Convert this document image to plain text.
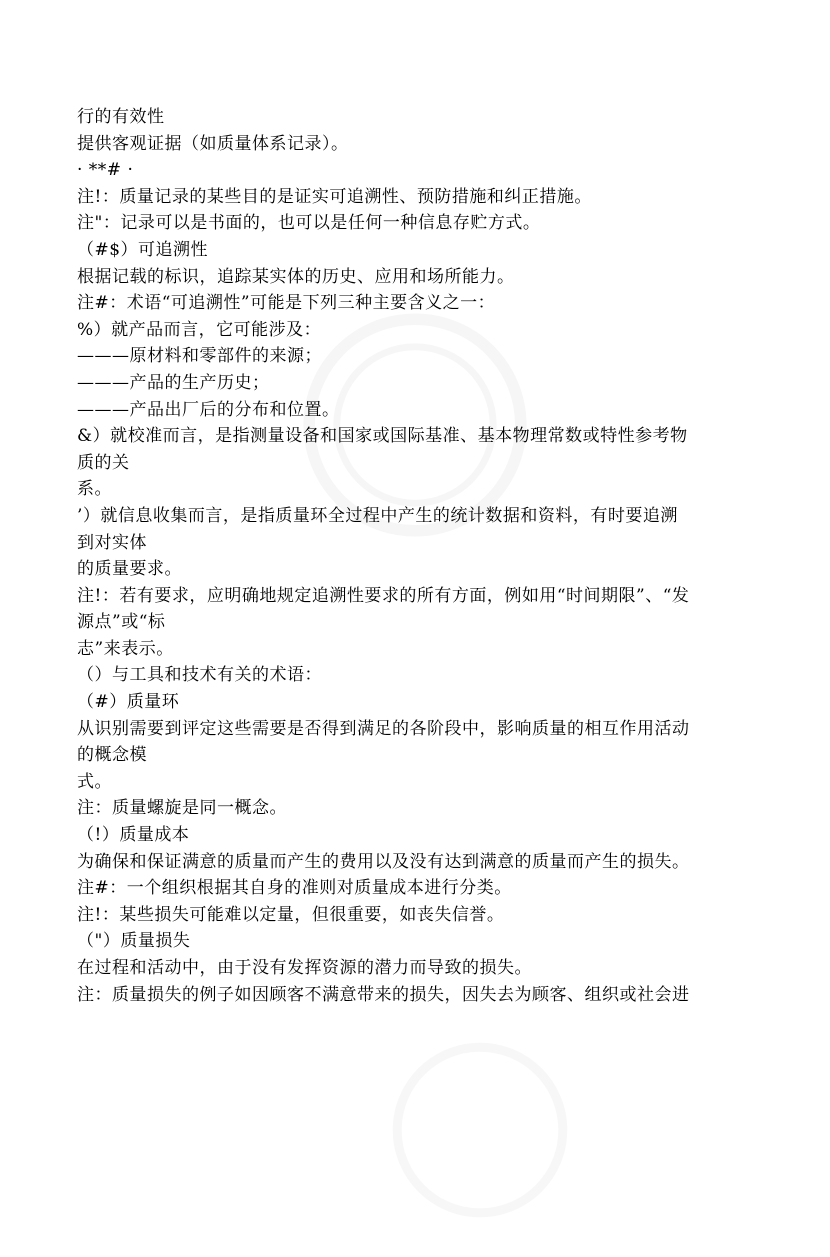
行的有效性
提供客观证据（如质量体系记录）。
· **# ·
注!：质量记录的某些目的是证实可追溯性、预防措施和纠正措施。
注"：记录可以是书面的，也可以是任何一种信息存贮方式。
（#$）可追溯性
根据记载的标识，追踪某实体的历史、应用和场所能力。
注#：术语“可追溯性”可能是下列三种主要含义之一：
%）就产品而言，它可能涉及：
———原材料和零部件的来源；
———产品的生产历史；
———产品出厂后的分布和位置。
&）就校准而言，是指测量设备和国家或国际基准、基本物理常数或特性参考物
质的关
系。
’）就信息收集而言，是指质量环全过程中产生的统计数据和资料，有时要追溯
到对实体
的质量要求。
注!：若有要求，应明确地规定追溯性要求的所有方面，例如用“时间期限”、“发
源点”或“标
志”来表示。
（）与工具和技术有关的术语：
（#）质量环
从识别需要到评定这些需要是否得到满足的各阶段中，影响质量的相互作用活动
的概念模
式。
注：质量螺旋是同一概念。
（!）质量成本
为确保和保证满意的质量而产生的费用以及没有达到满意的质量而产生的损失。
注#：一个组织根据其自身的准则对质量成本进行分类。
注!：某些损失可能难以定量，但很重要，如丧失信誉。
（"）质量损失
在过程和活动中，由于没有发挥资源的潜力而导致的损失。
注：质量损失的例子如因顾客不满意带来的损失，因失去为顾客、组织或社会进
